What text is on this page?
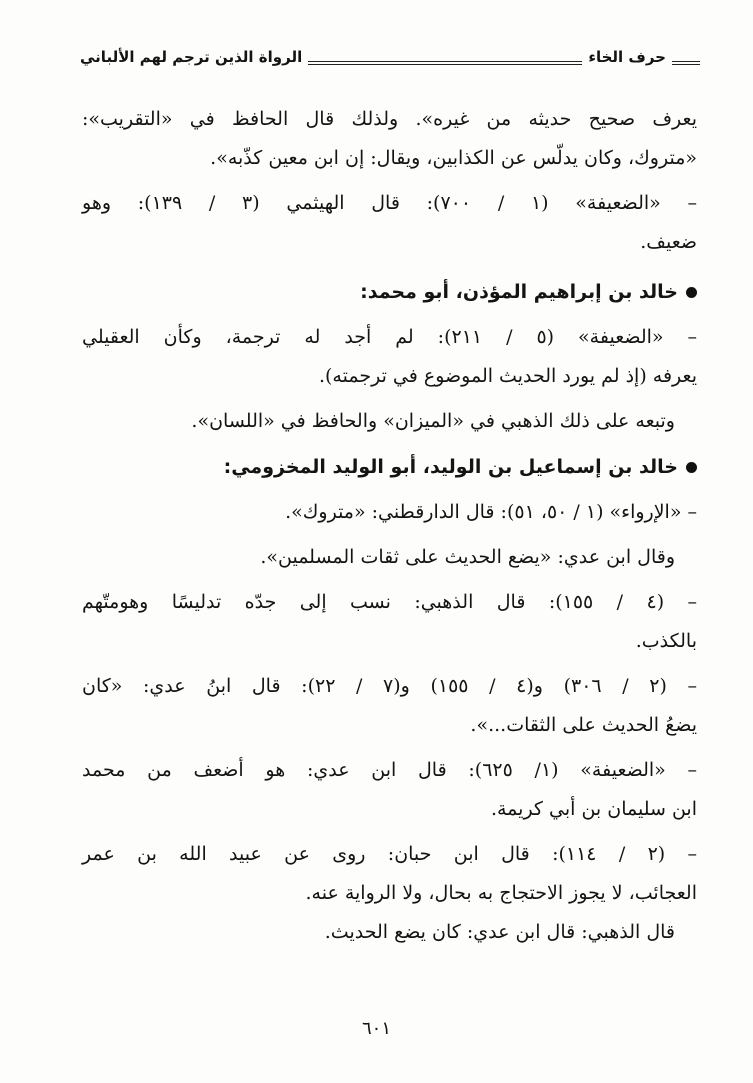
حرف الخاء
الرواة الذين ترجم لهم الألباني

يعرف صحيح حديثه من غيره». ولذلك قال الحافظ في «التقريب»:

«متروك، وكان يدلّس عن الكذابين، ويقال: إن ابن معين كذّبه».

– «الضعيفة» (١ / ٧٠٠): قال الهيثمي (٣ / ١٣٩): وهو

ضعيف.

خالد بن إبراهيم المؤذن، أبو محمد:

– «الضعيفة» (٥ / ٢١١): لم أجد له ترجمة، وكأن العقيلي

يعرفه (إذ لم يورد الحديث الموضوع في ترجمته).

وتبعه على ذلك الذهبي في «الميزان» والحافظ في «اللسان».

خالد بن إسماعيل بن الوليد، أبو الوليد المخزومي:

– «الإرواء» (١ / ٥٠، ٥١): قال الدارقطني: «متروك».

وقال ابن عدي: «يضع الحديث على ثقات المسلمين».

– (٤ / ١٥٥): قال الذهبي: نسب إلى جدّه تدليسًا وهومتّهم

بالكذب.

– (٢ / ٣٠٦) و(٤ / ١٥٥) و(٧ / ٢٢): قال ابنُ عدي: «كان

يضعُ الحديث على الثقات...».

– «الضعيفة» (١/ ٦٢٥): قال ابن عدي: هو أضعف من محمد

ابن سليمان بن أبي كريمة.

– (٢ / ١١٤): قال ابن حبان: روى عن عبيد الله بن عمر

العجائب، لا يجوز الاحتجاج به بحال، ولا الرواية عنه.

قال الذهبي: قال ابن عدي: كان يضع الحديث.

٦٠١
